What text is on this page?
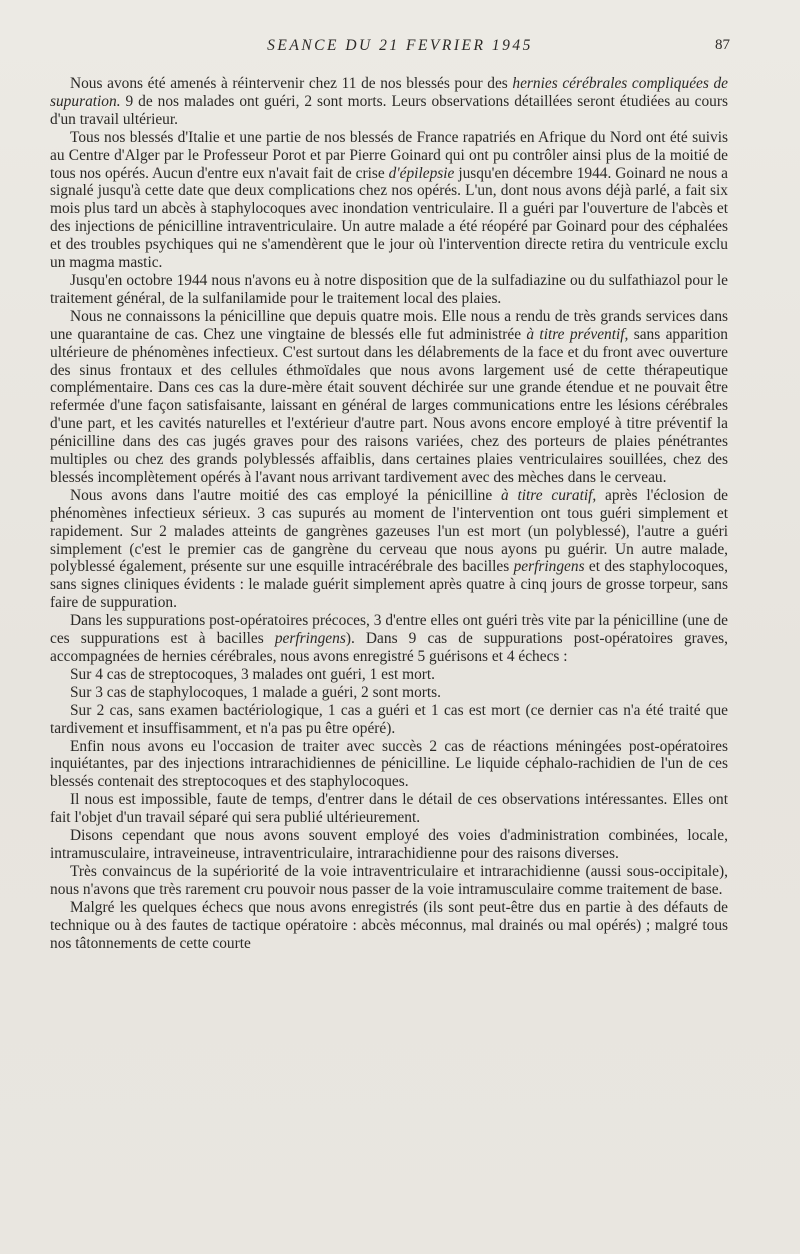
SEANCE DU 21 FEVRIER 1945	87

Nous avons été amenés à réintervenir chez 11 de nos blessés pour des hernies cérébrales compliquées de supuration. 9 de nos malades ont guéri, 2 sont morts. Leurs observations détaillées seront étudiées au cours d'un travail ultérieur.

Tous nos blessés d'Italie et une partie de nos blessés de France rapatriés en Afrique du Nord ont été suivis au Centre d'Alger par le Professeur Porot et par Pierre Goinard qui ont pu contrôler ainsi plus de la moitié de tous nos opérés. Aucun d'entre eux n'avait fait de crise d'épilepsie jusqu'en décembre 1944. Goinard ne nous a signalé jusqu'à cette date que deux complications chez nos opérés. L'un, dont nous avons déjà parlé, a fait six mois plus tard un abcès à staphylocoques avec inondation ventriculaire. Il a guéri par l'ouverture de l'abcès et des injections de pénicilline intraventriculaire. Un autre malade a été réopéré par Goinard pour des céphalées et des troubles psychiques qui ne s'amendèrent que le jour où l'intervention directe retira du ventricule exclu un magma mastic.

Jusqu'en octobre 1944 nous n'avons eu à notre disposition que de la sulfadiazine ou du sulfathiazol pour le traitement général, de la sulfanilamide pour le traitement local des plaies.

Nous ne connaissons la pénicilline que depuis quatre mois. Elle nous a rendu de très grands services dans une quarantaine de cas. Chez une vingtaine de blessés elle fut administrée à titre préventif, sans apparition ultérieure de phénomènes infectieux. C'est surtout dans les délabrements de la face et du front avec ouverture des sinus frontaux et des cellules éthmoïdales que nous avons largement usé de cette thérapeutique complémentaire. Dans ces cas la dure-mère était souvent déchirée sur une grande étendue et ne pouvait être refermée d'une façon satisfaisante, laissant en général de larges communications entre les lésions cérébrales d'une part, et les cavités naturelles et l'extérieur d'autre part. Nous avons encore employé à titre préventif la pénicilline dans des cas jugés graves pour des raisons variées, chez des porteurs de plaies pénétrantes multiples ou chez des grands polyblessés affaiblis, dans certaines plaies ventriculaires souillées, chez des blessés incomplètement opérés à l'avant nous arrivant tardivement avec des mèches dans le cerveau.

Nous avons dans l'autre moitié des cas employé la pénicilline à titre curatif, après l'éclosion de phénomènes infectieux sérieux. 3 cas supurés au moment de l'intervention ont tous guéri simplement et rapidement. Sur 2 malades atteints de gangrènes gazeuses l'un est mort (un polyblessé), l'autre a guéri simplement (c'est le premier cas de gangrène du cerveau que nous ayons pu guérir. Un autre malade, polyblessé également, présente sur une esquille intracérébrale des bacilles perfringens et des staphylocoques, sans signes cliniques évidents : le malade guérit simplement après quatre à cinq jours de grosse torpeur, sans faire de suppuration.

Dans les suppurations post-opératoires précoces, 3 d'entre elles ont guéri très vite par la pénicilline (une de ces suppurations est à bacilles perfringens). Dans 9 cas de suppurations post-opératoires graves, accompagnées de hernies cérébrales, nous avons enregistré 5 guérisons et 4 échecs :

Sur 4 cas de streptocoques, 3 malades ont guéri, 1 est mort.

Sur 3 cas de staphylocoques, 1 malade a guéri, 2 sont morts.

Sur 2 cas, sans examen bactériologique, 1 cas a guéri et 1 cas est mort (ce dernier cas n'a été traité que tardivement et insuffisamment, et n'a pas pu être opéré).

Enfin nous avons eu l'occasion de traiter avec succès 2 cas de réactions méningées post-opératoires inquiétantes, par des injections intrarachidiennes de pénicilline. Le liquide céphalo-rachidien de l'un de ces blessés contenait des streptocoques et des staphylocoques.

Il nous est impossible, faute de temps, d'entrer dans le détail de ces observations intéressantes. Elles ont fait l'objet d'un travail séparé qui sera publié ultérieurement.

Disons cependant que nous avons souvent employé des voies d'administration combinées, locale, intramusculaire, intraveineuse, intraventriculaire, intrarachidienne pour des raisons diverses.

Très convaincus de la supériorité de la voie intraventriculaire et intrarachidienne (aussi sous-occipitale), nous n'avons que très rarement cru pouvoir nous passer de la voie intramusculaire comme traitement de base.

Malgré les quelques échecs que nous avons enregistrés (ils sont peut-être dus en partie à des défauts de technique ou à des fautes de tactique opératoire : abcès méconnus, mal drainés ou mal opérés) ; malgré tous nos tâtonnements de cette courte
